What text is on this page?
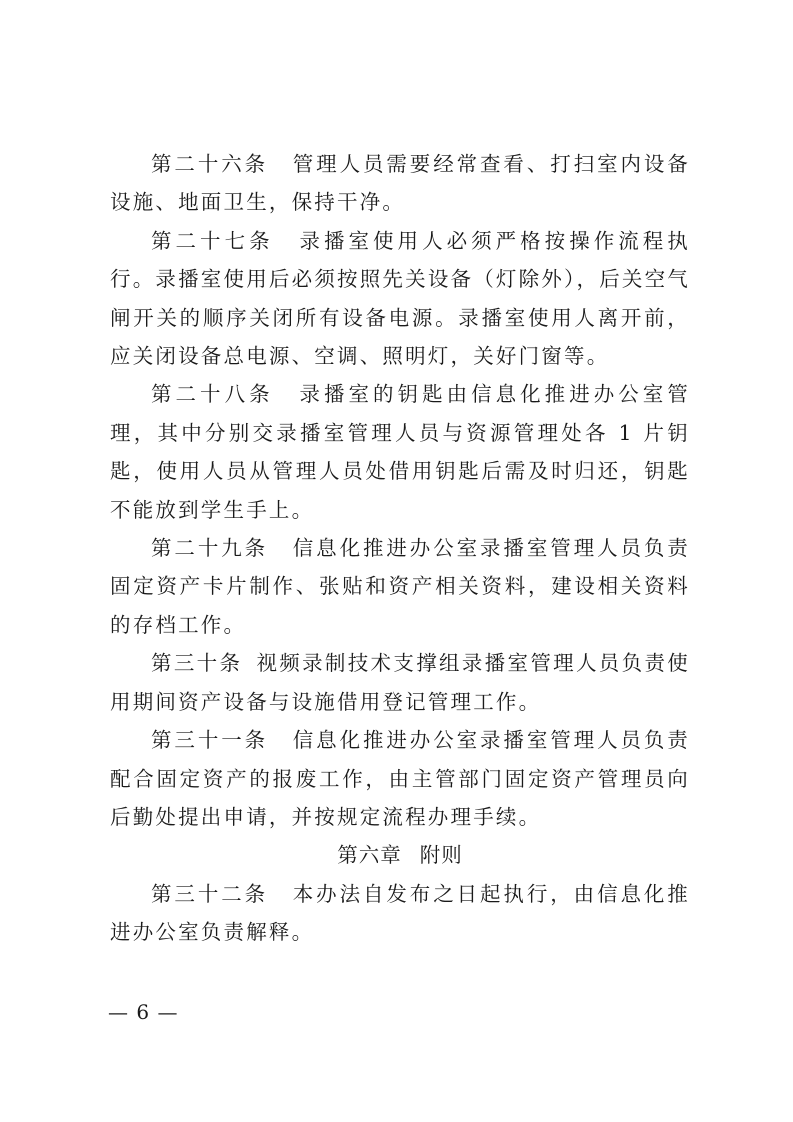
第二十六条 管理人员需要经常查看、打扫室内设备设施、地面卫生，保持干净。

第二十七条 录播室使用人必须严格按操作流程执行。录播室使用后必须按照先关设备（灯除外），后关空气闸开关的顺序关闭所有设备电源。录播室使用人离开前，应关闭设备总电源、空调、照明灯，关好门窗等。

第二十八条 录播室的钥匙由信息化推进办公室管理，其中分别交录播室管理人员与资源管理处各 1 片钥匙，使用人员从管理人员处借用钥匙后需及时归还，钥匙不能放到学生手上。

第二十九条 信息化推进办公室录播室管理人员负责固定资产卡片制作、张贴和资产相关资料，建设相关资料的存档工作。

第三十条 视频录制技术支撑组录播室管理人员负责使用期间资产设备与设施借用登记管理工作。

第三十一条 信息化推进办公室录播室管理人员负责配合固定资产的报废工作，由主管部门固定资产管理员向后勤处提出申请，并按规定流程办理手续。

第六章 附则

第三十二条 本办法自发布之日起执行，由信息化推进办公室负责解释。

— 6 —
